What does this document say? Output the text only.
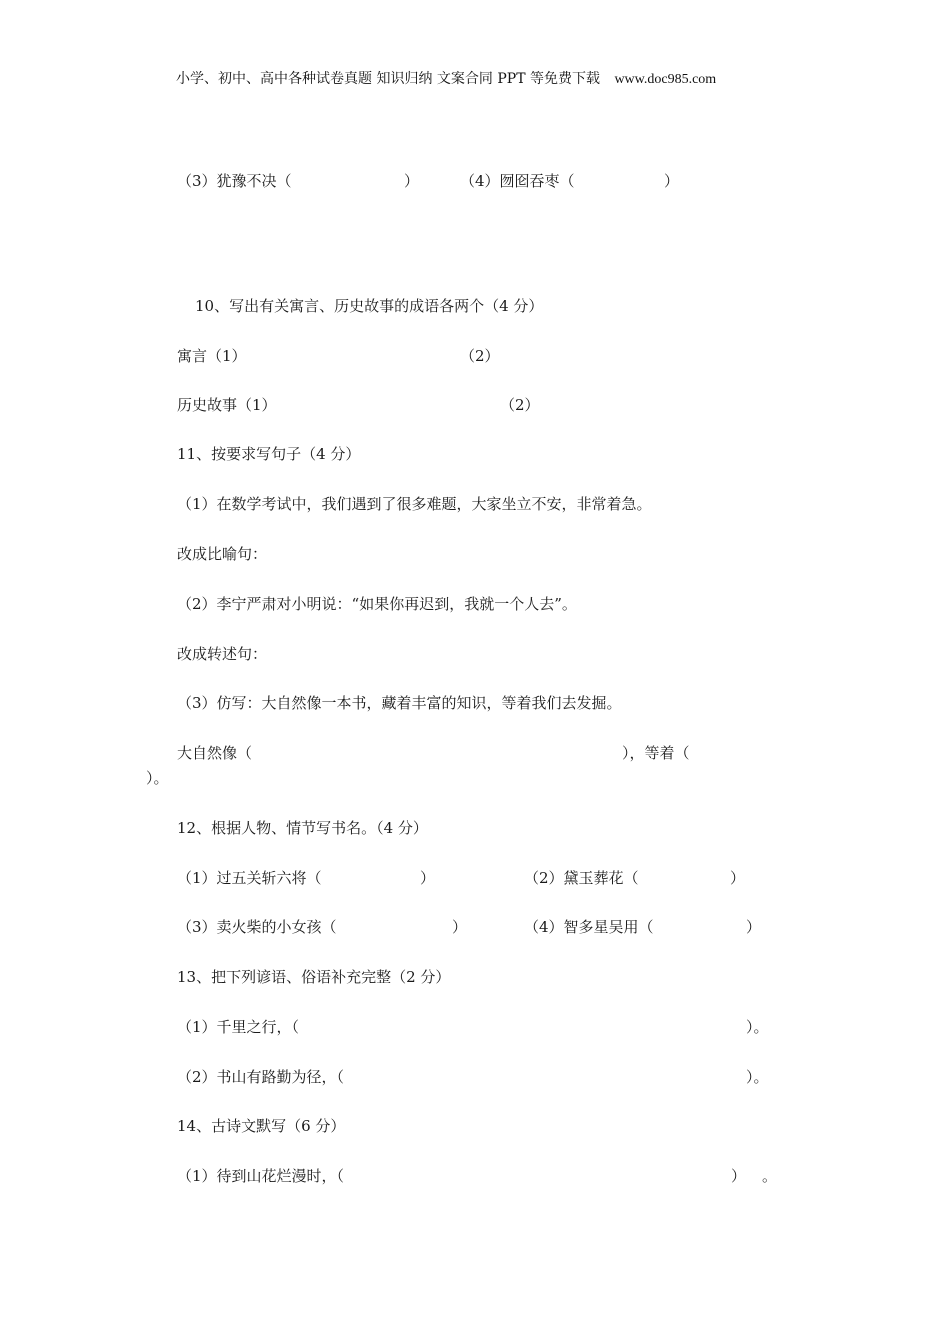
小学、初中、高中各种试卷真题 知识归纳 文案合同 PPT 等免费下载 www.doc985.com
（3）犹豫不决（	）	（4）囫囵吞枣（	）
10、写出有关寓言、历史故事的成语各两个（4 分）
寓言（1）	（2）
历史故事（1）	（2）
11、按要求写句子（4 分）
（1）在数学考试中，我们遇到了很多难题，大家坐立不安，非常着急。
改成比喻句：
（2）李宁严肃对小明说：“如果你再迟到，我就一个人去”。
改成转述句：
（3）仿写：大自然像一本书，藏着丰富的知识，等着我们去发掘。
大自然像（	），等着（
）。
12、根据人物、情节写书名。（4 分）
（1）过五关斩六将（	）	（2）黛玉葬花（	）
（3）卖火柴的小女孩（	）	（4）智多星吴用（	）
13、把下列谚语、俗语补充完整（2 分）
（1）千里之行，（	）。
（2）书山有路勤为径，（	）。
14、古诗文默写（6 分）
（1）待到山花烂漫时，（	） 。
